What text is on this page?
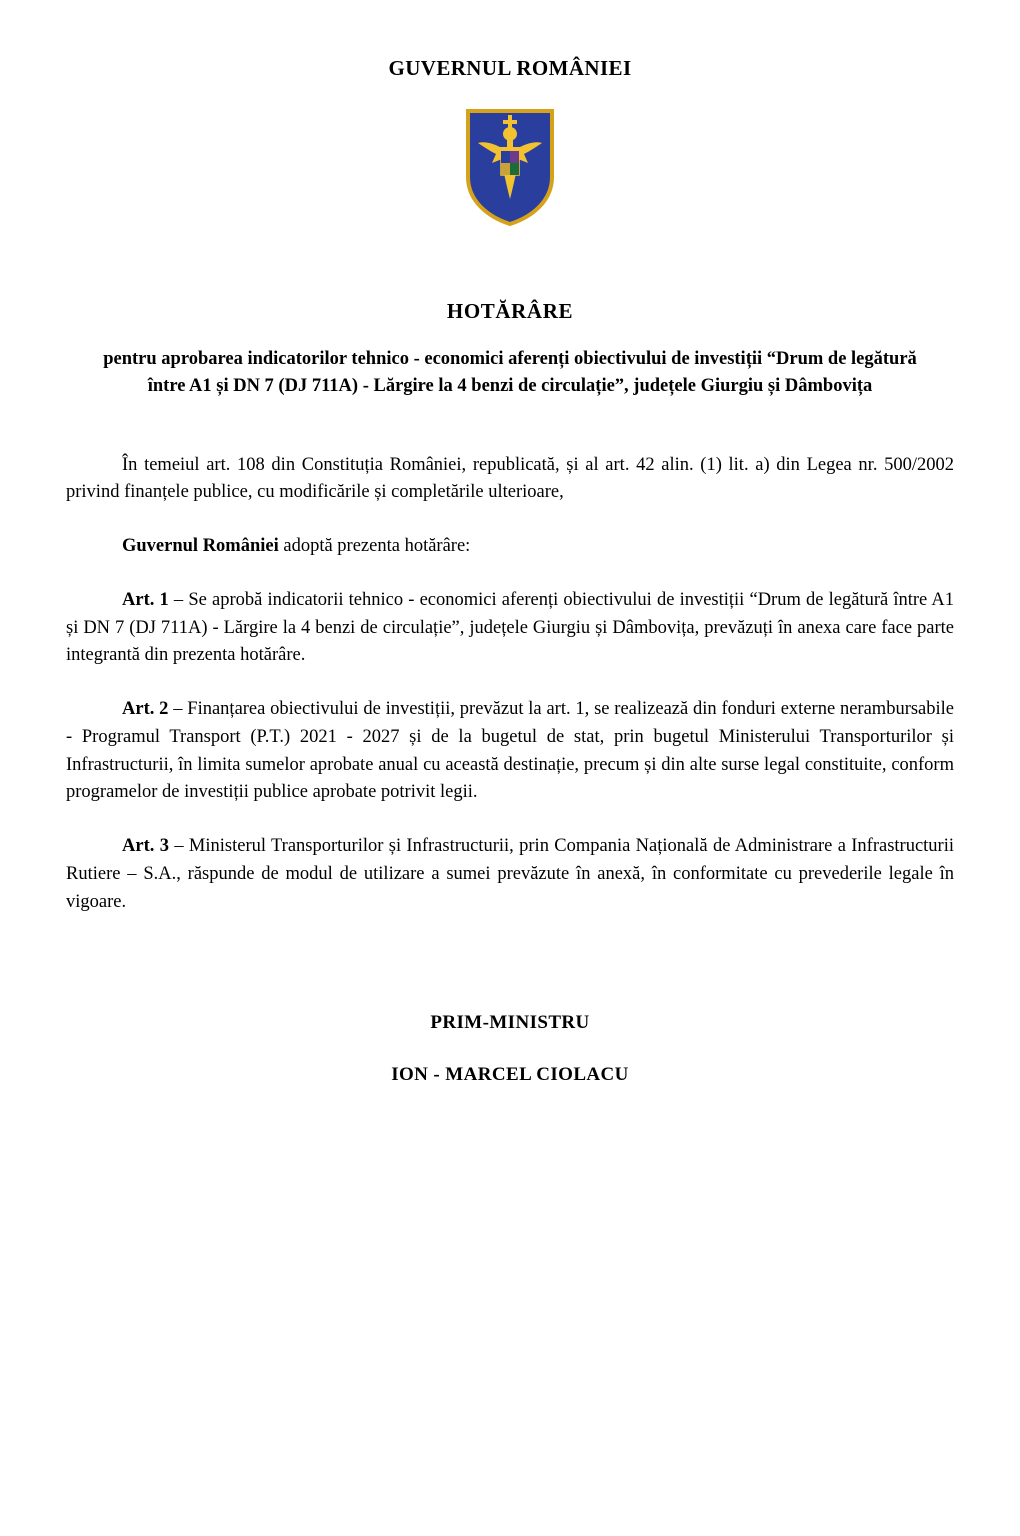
GUVERNUL ROMÂNIEI
HOTĂRÂRE
pentru aprobarea indicatorilor tehnico - economici aferenți obiectivului de investiții “Drum de legătură între A1 și DN 7 (DJ 711A) - Lărgire la 4 benzi de circulație”, județele Giurgiu și Dâmbovița

În temeiul art. 108 din Constituția României, republicată, și al art. 42 alin. (1) lit. a) din Legea nr. 500/2002 privind finanțele publice, cu modificările și completările ulterioare,

Guvernul României adoptă prezenta hotărâre:

Art. 1 – Se aprobă indicatorii tehnico - economici aferenți obiectivului de investiții “Drum de legătură între A1 și DN 7 (DJ 711A) - Lărgire la 4 benzi de circulație”, județele Giurgiu și Dâmbovița, prevăzuți în anexa care face parte integrantă din prezenta hotărâre.

Art. 2 – Finanțarea obiectivului de investiții, prevăzut la art. 1, se realizează din fonduri externe nerambursabile - Programul Transport (P.T.) 2021 - 2027 și de la bugetul de stat, prin bugetul Ministerului Transporturilor și Infrastructurii, în limita sumelor aprobate anual cu această destinație, precum și din alte surse legal constituite, conform programelor de investiții publice aprobate potrivit legii.

Art. 3 – Ministerul Transporturilor și Infrastructurii, prin Compania Națională de Administrare a Infrastructurii Rutiere – S.A., răspunde de modul de utilizare a sumei prevăzute în anexă, în conformitate cu prevederile legale în vigoare.

PRIM-MINISTRU
ION - MARCEL CIOLACU
